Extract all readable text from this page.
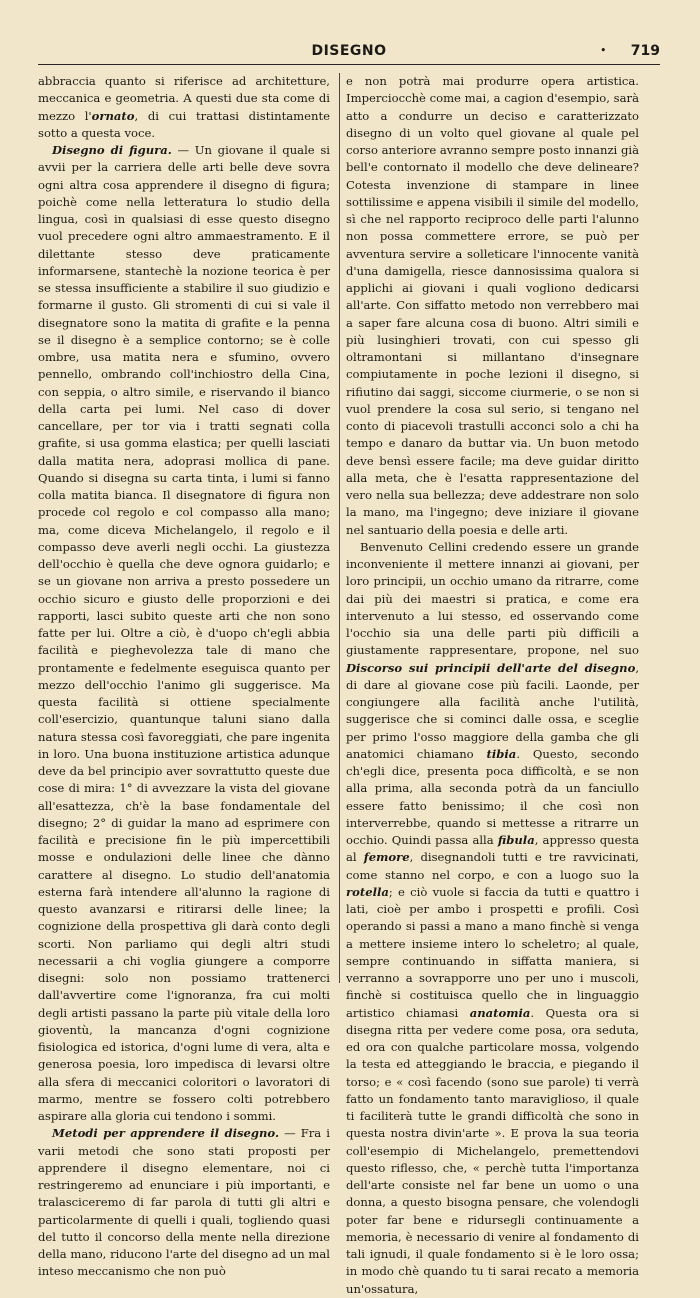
DISEGNO	• 719

abbraccia quanto si riferisce ad architetture, meccanica e geometria. A questi due sta come di mezzo l'ornato, di cui trattasi distintamente sotto a questa voce.

Disegno di figura. — Un giovane il quale si avvii per la carriera delle arti belle deve sovra ogni altra cosa apprendere il disegno di figura; poichè come nella letteratura lo studio della lingua, così in qualsiasi di esse questo disegno vuol precedere ogni altro ammaestramento. E il dilettante stesso deve praticamente informarsene, stantechè la nozione teorica è per se stessa insufficiente a stabilire il suo giudizio e formarne il gusto. Gli stromenti di cui si vale il disegnatore sono la matita di grafite e la penna se il disegno è a semplice contorno; se è colle ombre, usa matita nera e sfumino, ovvero pennello, ombrando coll'inchiostro della Cina, con seppia, o altro simile, e riservando il bianco della carta pei lumi. Nel caso di dover cancellare, per tor via i tratti segnati colla grafite, si usa gomma elastica; per quelli lasciati dalla matita nera, adoprasi mollica di pane. Quando si disegna su carta tinta, i lumi si fanno colla matita bianca. Il disegnatore di figura non procede col regolo e col compasso alla mano; ma, come diceva Michelangelo, il regolo e il compasso deve averli negli occhi. La giustezza dell'occhio è quella che deve ognora guidarlo; e se un giovane non arriva a presto possedere un occhio sicuro e giusto delle proporzioni e dei rapporti, lasci subito queste arti che non sono fatte per lui. Oltre a ciò, è d'uopo ch'egli abbia facilità e pieghevolezza tale di mano che prontamente e fedelmente eseguisca quanto per mezzo dell'occhio l'animo gli suggerisce. Ma questa facilità si ottiene specialmente coll'esercizio, quantunque taluni siano dalla natura stessa così favoreggiati, che pare ingenita in loro. Una buona instituzione artistica adunque deve da bel principio aver sovrattutto queste due cose di mira: 1° di avvezzare la vista del giovane all'esattezza, ch'è la base fondamentale del disegno; 2° di guidar la mano ad esprimere con facilità e precisione fin le più impercettibili mosse e ondulazioni delle linee che dànno carattere al disegno. Lo studio dell'anatomia esterna farà intendere all'alunno la ragione di questo avanzarsi e ritirarsi delle linee; la cognizione della prospettiva gli darà conto degli scorti. Non parliamo qui degli altri studi necessarii a chi voglia giungere a comporre disegni: solo non possiamo trattenerci dall'avvertire come l'ignoranza, fra cui molti degli artisti passano la parte più vitale della loro gioventù, la mancanza d'ogni cognizione fisiologica ed istorica, d'ogni lume di vera, alta e generosa poesia, loro impedisca di levarsi oltre alla sfera di meccanici coloritori o lavoratori di marmo, mentre se fossero colti potrebbero aspirare alla gloria cui tendono i sommi.

Metodi per apprendere il disegno. — Fra i varii metodi che sono stati proposti per apprendere il disegno elementare, noi ci restringeremo ad enunciare i più importanti, e tralasciceremo di far parola di tutti gli altri e particolarmente di quelli i quali, togliendo quasi del tutto il concorso della mente nella direzione della mano, riducono l'arte del disegno ad un mal inteso meccanismo che non può

e non potrà mai produrre opera artistica. Imperciocchè come mai, a cagion d'esempio, sarà atto a condurre un deciso e caratterizzato disegno di un volto quel giovane al quale pel corso anteriore avranno sempre posto innanzi già bell'e contornato il modello che deve delineare? Cotesta invenzione di stampare in linee sottilissime e appena visibili il simile del modello, sì che nel rapporto reciproco delle parti l'alunno non possa commettere errore, se può per avventura servire a solleticare l'innocente vanità d'una damigella, riesce dannosissima qualora si applichi ai giovani i quali vogliono dedicarsi all'arte. Con siffatto metodo non verrebbero mai a saper fare alcuna cosa di buono. Altri simili e più lusinghieri trovati, con cui spesso gli oltramontani si millantano d'insegnare compiutamente in poche lezioni il disegno, si rifiutino dai saggi, siccome ciurmerie, o se non si vuol prendere la cosa sul serio, si tengano nel conto di piacevoli trastulli acconci solo a chi ha tempo e danaro da buttar via. Un buon metodo deve bensì essere facile; ma deve guidar diritto alla meta, che è l'esatta rappresentazione del vero nella sua bellezza; deve addestrare non solo la mano, ma l'ingegno; deve iniziare il giovane nel santuario della poesia e delle arti.

Benvenuto Cellini credendo essere un grande inconveniente il mettere innanzi ai giovani, per loro principii, un occhio umano da ritrarre, come dai più dei maestri si pratica, e come era intervenuto a lui stesso, ed osservando come l'occhio sia una delle parti più difficili a giustamente rappresentare, propone, nel suo Discorso sui principii dell'arte del disegno, di dare al giovane cose più facili. Laonde, per congiungere alla facilità anche l'utilità, suggerisce che si cominci dalle ossa, e sceglie per primo l'osso maggiore della gamba che gli anatomici chiamano tibia. Questo, secondo ch'egli dice, presenta poca difficoltà, e se non alla prima, alla seconda potrà da un fanciullo essere fatto benissimo; il che così non interverrebbe, quando si mettesse a ritrarre un occhio. Quindi passa alla fibula, appresso questa al femore, disegnandoli tutti e tre ravvicinati, come stanno nel corpo, e con a luogo suo la rotella; e ciò vuole si faccia da tutti e quattro i lati, cioè per ambo i prospetti e profili. Così operando si passi a mano a mano finchè si venga a mettere insieme intero lo scheletro; al quale, sempre continuando in siffatta maniera, si verranno a sovrapporre uno per uno i muscoli, finchè si costituisca quello che in linguaggio artistico chiamasi anatomia. Questa ora si disegna ritta per vedere come posa, ora seduta, ed ora con qualche particolare mossa, volgendo la testa ed atteggiando le braccia, e piegando il torso; e « così facendo (sono sue parole) ti verrà fatto un fondamento tanto maraviglioso, il quale ti faciliterà tutte le grandi difficoltà che sono in questa nostra divin'arte ». E prova la sua teoria coll'esempio di Michelangelo, premettendovi questo riflesso, che, « perchè tutta l'importanza dell'arte consiste nel far bene un uomo o una donna, a questo bisogna pensare, che volendogli poter far bene e ridursegli continuamente a memoria, è necessario di venire al fondamento di tali ignudi, il quale fondamento si è le loro ossa; in modo chè quando tu ti sarai recato a memoria un'ossatura,
